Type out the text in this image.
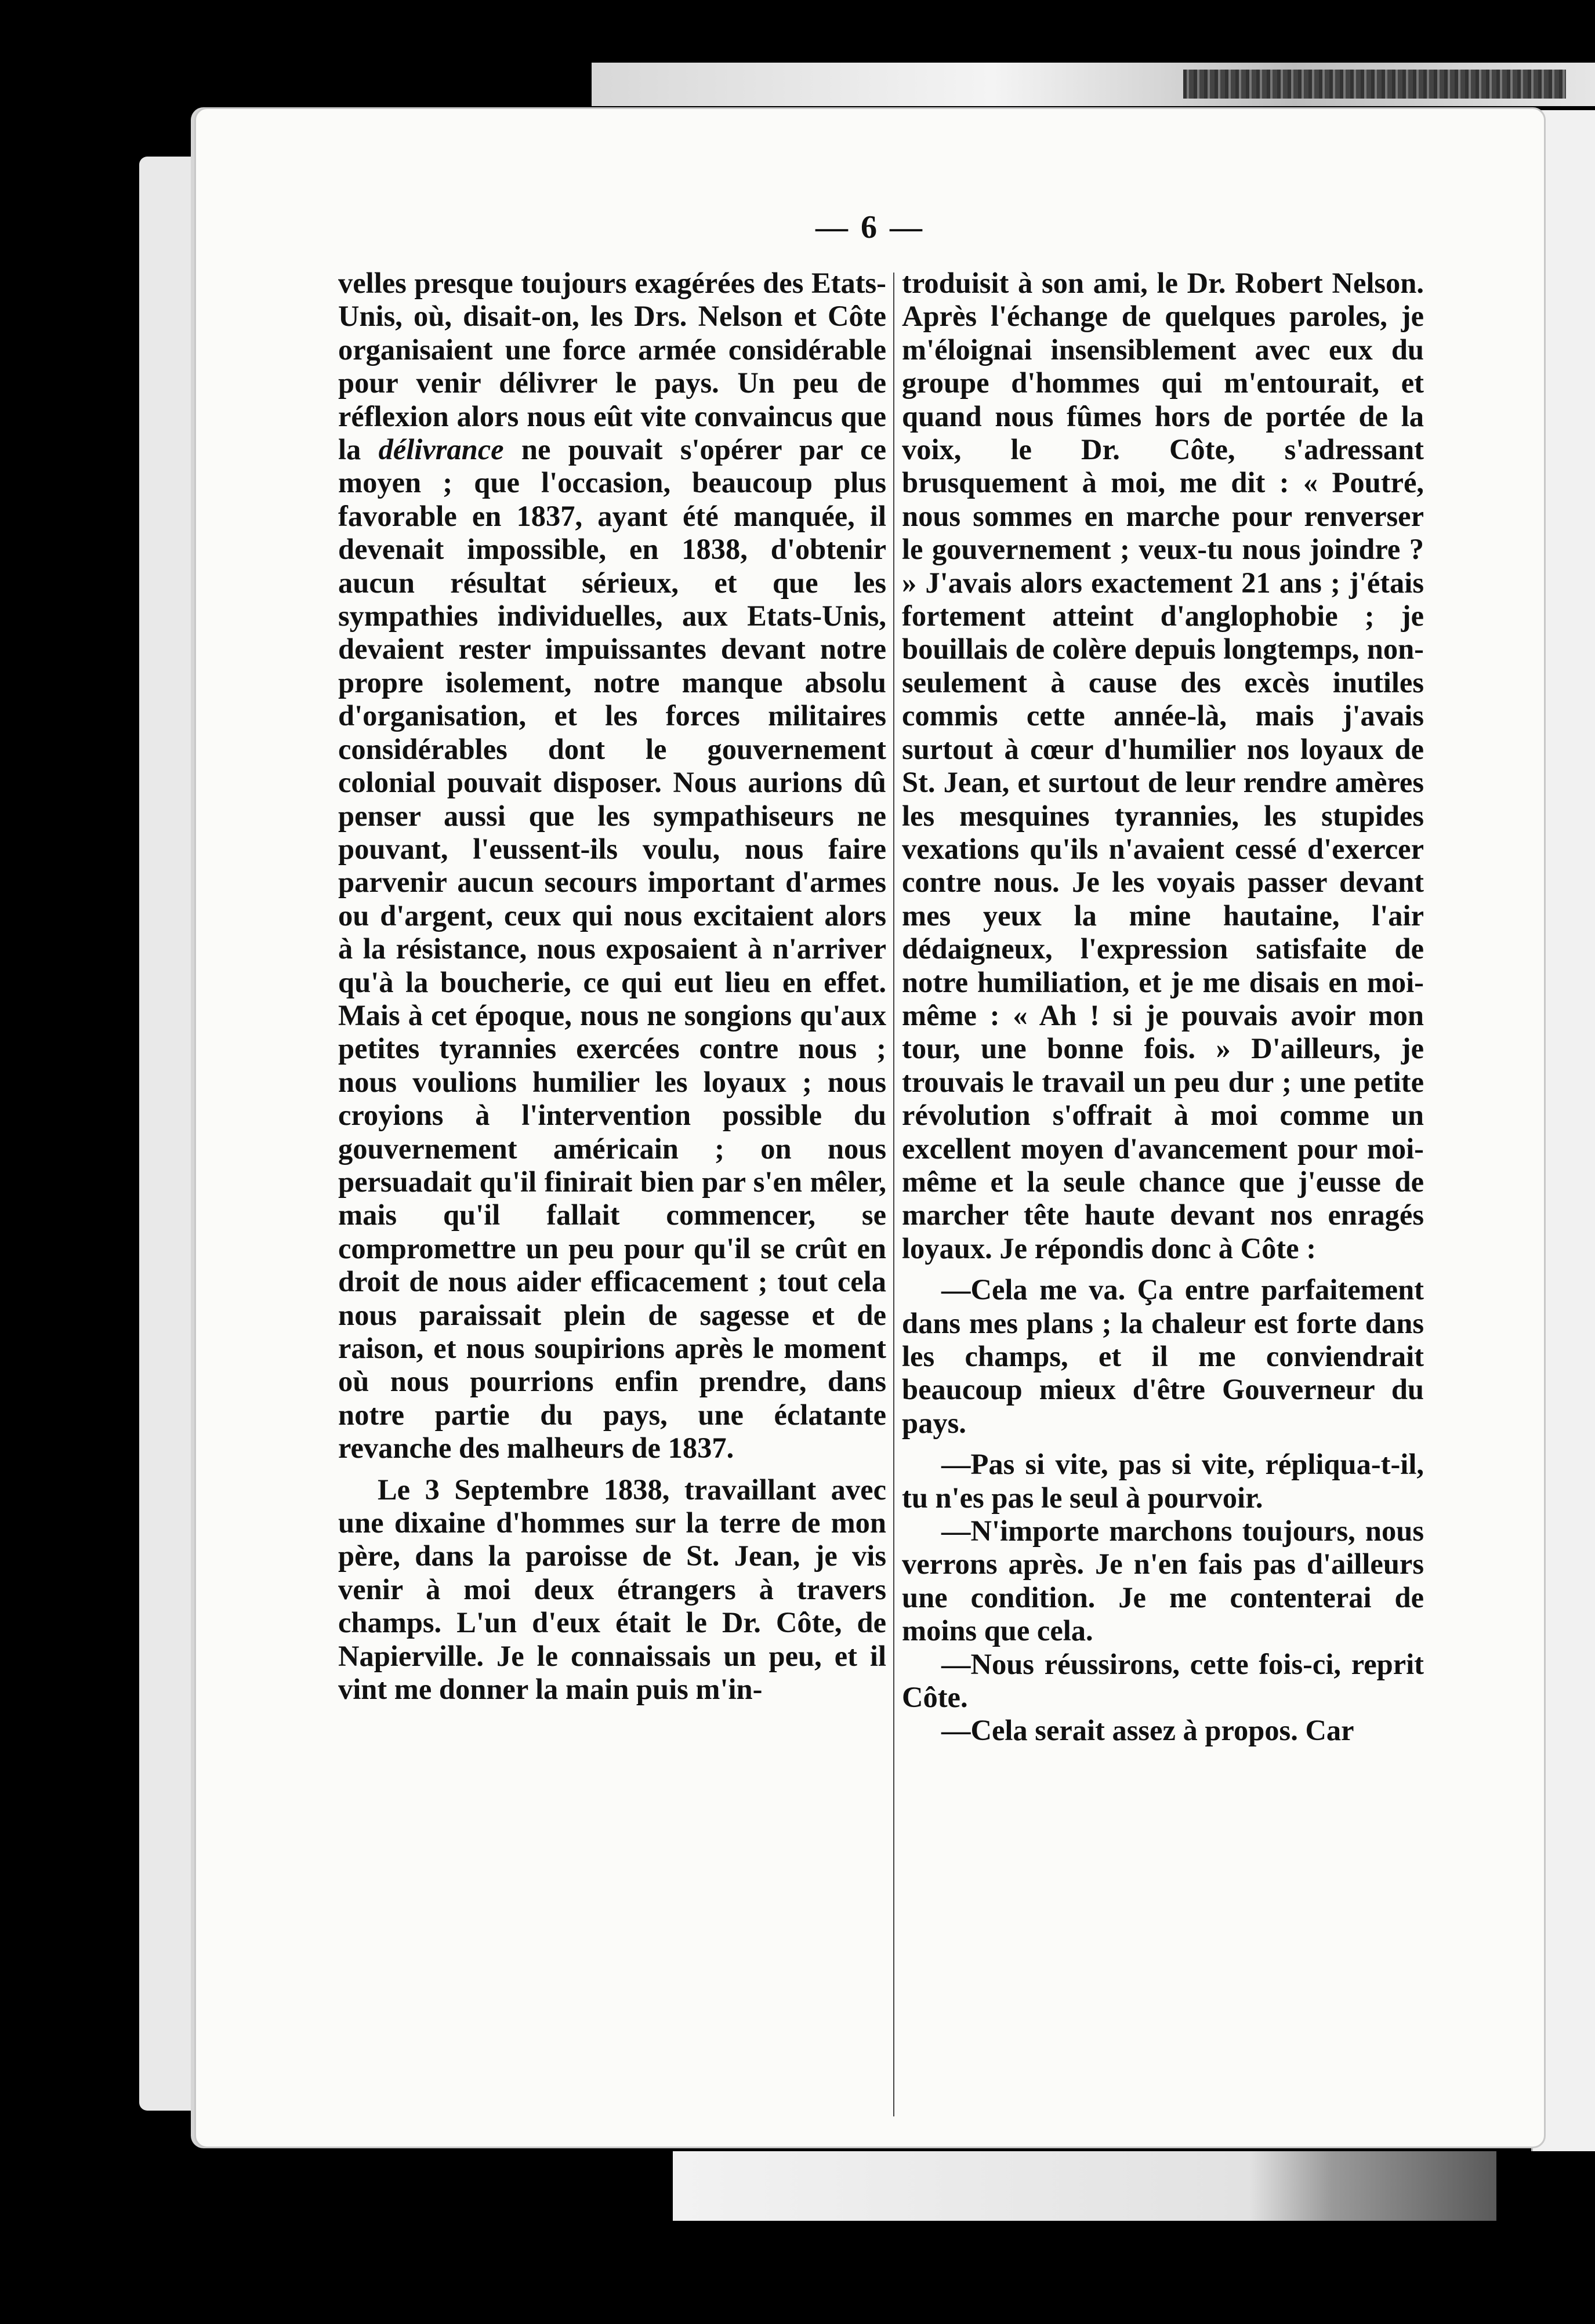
— 6 —

velles presque toujours exagérées des Etats-Unis, où, disait-on, les Drs. Nelson et Côte organisaient une force armée considérable pour venir délivrer le pays. Un peu de réflexion alors nous eût vite convaincus que la délivrance ne pouvait s'opérer par ce moyen ; que l'occasion, beaucoup plus favorable en 1837, ayant été manquée, il devenait impossible, en 1838, d'obtenir aucun résultat sérieux, et que les sympathies individuelles, aux Etats-Unis, devaient rester impuissantes devant notre propre isolement, notre manque absolu d'organisation, et les forces militaires considérables dont le gouvernement colonial pouvait disposer. Nous aurions dû penser aussi que les sympathiseurs ne pouvant, l'eussent-ils voulu, nous faire parvenir aucun secours important d'armes ou d'argent, ceux qui nous excitaient alors à la résistance, nous exposaient à n'arriver qu'à la boucherie, ce qui eut lieu en effet. Mais à cet époque, nous ne songions qu'aux petites tyrannies exercées contre nous ; nous voulions humilier les loyaux ; nous croyions à l'intervention possible du gouvernement américain ; on nous persuadait qu'il finirait bien par s'en mêler, mais qu'il fallait commencer, se compromettre un peu pour qu'il se crût en droit de nous aider efficacement ; tout cela nous paraissait plein de sagesse et de raison, et nous soupirions après le moment où nous pourrions enfin prendre, dans notre partie du pays, une éclatante revanche des malheurs de 1837.

Le 3 Septembre 1838, travaillant avec une dixaine d'hommes sur la terre de mon père, dans la paroisse de St. Jean, je vis venir à moi deux étrangers à travers champs. L'un d'eux était le Dr. Côte, de Napierville. Je le connaissais un peu, et il vint me donner la main puis m'in-

troduisit à son ami, le Dr. Robert Nelson. Après l'échange de quelques paroles, je m'éloignai insensiblement avec eux du groupe d'hommes qui m'entourait, et quand nous fûmes hors de portée de la voix, le Dr. Côte, s'adressant brusquement à moi, me dit : « Poutré, nous sommes en marche pour renverser le gouvernement ; veux-tu nous joindre ? » J'avais alors exactement 21 ans ; j'étais fortement atteint d'anglophobie ; je bouillais de colère depuis longtemps, non-seulement à cause des excès inutiles commis cette année-là, mais j'avais surtout à cœur d'humilier nos loyaux de St. Jean, et surtout de leur rendre amères les mesquines tyrannies, les stupides vexations qu'ils n'avaient cessé d'exercer contre nous. Je les voyais passer devant mes yeux la mine hautaine, l'air dédaigneux, l'expression satisfaite de notre humiliation, et je me disais en moi-même : « Ah ! si je pouvais avoir mon tour, une bonne fois. » D'ailleurs, je trouvais le travail un peu dur ; une petite révolution s'offrait à moi comme un excellent moyen d'avancement pour moi-même et la seule chance que j'eusse de marcher tête haute devant nos enragés loyaux. Je répondis donc à Côte :

—Cela me va. Ça entre parfaitement dans mes plans ; la chaleur est forte dans les champs, et il me conviendrait beaucoup mieux d'être Gouverneur du pays.

—Pas si vite, pas si vite, répliqua-t-il, tu n'es pas le seul à pourvoir.

—N'importe marchons toujours, nous verrons après. Je n'en fais pas d'ailleurs une condition. Je me contenterai de moins que cela.

—Nous réussirons, cette fois-ci, reprit Côte.

—Cela serait assez à propos. Car
